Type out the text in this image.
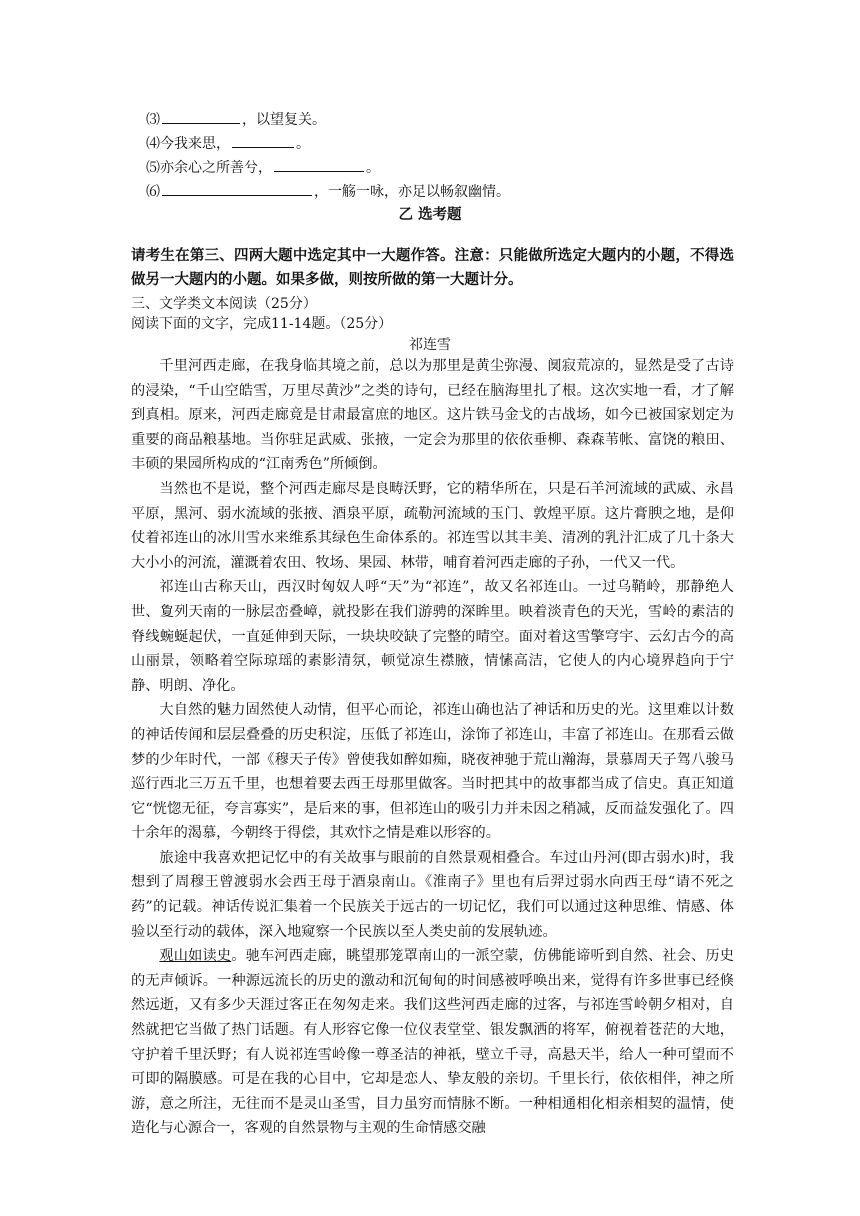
⑶	，以望复关。
⑷今我来思，	。
⑸亦余心之所善兮，	。
⑹	，一觞一咏，亦足以畅叙幽情。
乙 选考题
请考生在第三、四两大题中选定其中一大题作答。注意：只能做所选定大题内的小题，不得选做另一大题内的小题。如果多做，则按所做的第一大题计分。
三、文学类文本阅读（25分）
阅读下面的文字，完成11-14题。（25分）
祁连雪

千里河西走廊，在我身临其境之前，总以为那里是黄尘弥漫、阒寂荒凉的，显然是受了古诗的浸染，“千山空皓雪，万里尽黄沙”之类的诗句，已经在脑海里扎了根。这次实地一看，才了解到真相。原来，河西走廊竟是甘肃最富庶的地区。这片铁马金戈的古战场，如今已被国家划定为重要的商品粮基地。当你驻足武威、张掖，一定会为那里的依依垂柳、森森苇帐、富饶的粮田、丰硕的果园所构成的“江南秀色”所倾倒。

当然也不是说，整个河西走廊尽是良畴沃野，它的精华所在，只是石羊河流域的武威、永昌平原，黑河、弱水流域的张掖、酒泉平原，疏勒河流域的玉门、敦煌平原。这片膏腴之地，是仰仗着祁连山的冰川雪水来维系其绿色生命体系的。祁连雪以其丰美、清冽的乳汁汇成了几十条大大小小的河流，灌溉着农田、牧场、果园、林带，哺育着河西走廊的子孙，一代又一代。

祁连山古称天山，西汉时匈奴人呼“天”为“祁连”，故又名祁连山。一过乌鞘岭，那静绝人世、夐列天南的一脉层峦叠嶂，就投影在我们游骋的深眸里。映着淡青色的天光，雪岭的素洁的脊线蜿蜒起伏，一直延伸到天际，一块块咬缺了完整的晴空。面对着这雪擎穹宇、云幻古今的高山丽景，领略着空际琼瑶的素影清氛，顿觉凉生襟腋，情愫高洁，它使人的内心境界趋向于宁静、明朗、净化。

大自然的魅力固然使人动情，但平心而论，祁连山确也沾了神话和历史的光。这里难以计数的神话传闻和层层叠叠的历史积淀，压低了祁连山，涂饰了祁连山，丰富了祁连山。在那看云做梦的少年时代，一部《穆天子传》曾使我如醉如痴，晓夜神驰于荒山瀚海，景慕周天子驾八骏马巡行西北三万五千里，也想着要去西王母那里做客。当时把其中的故事都当成了信史。真正知道它“恍惚无征，夸言寡实”，是后来的事，但祁连山的吸引力并未因之稍减，反而益发强化了。四十余年的渴慕，今朝终于得偿，其欢忭之情是难以形容的。

旅途中我喜欢把记忆中的有关故事与眼前的自然景观相叠合。车过山丹河(即古弱水)时，我想到了周穆王曾渡弱水会西王母于酒泉南山。《淮南子》里也有后羿过弱水向西王母“请不死之药”的记载。神话传说汇集着一个民族关于远古的一切记忆，我们可以通过这种思维、情感、体验以至行动的载体，深入地窥察一个民族以至人类史前的发展轨迹。

观山如读史。驰车河西走廊，眺望那笼罩南山的一派空蒙，仿佛能谛听到自然、社会、历史的无声倾诉。一种源远流长的历史的激动和沉甸甸的时间感被呼唤出来，觉得有许多世事已经倏然远逝，又有多少天涯过客正在匆匆走来。我们这些河西走廊的过客，与祁连雪岭朝夕相对，自然就把它当做了热门话题。有人形容它像一位仪表堂堂、银发飘洒的将军，俯视着苍茫的大地，守护着千里沃野；有人说祁连雪岭像一尊圣洁的神祇，壁立千寻，高悬天半，给人一种可望而不可即的隔膜感。可是在我的心目中，它却是恋人、挚友般的亲切。千里长行，依依相伴，神之所游，意之所注，无往而不是灵山圣雪，目力虽穷而情脉不断。一种相通相化相亲相契的温情，使造化与心源合一，客观的自然景物与主观的生命情感交融
